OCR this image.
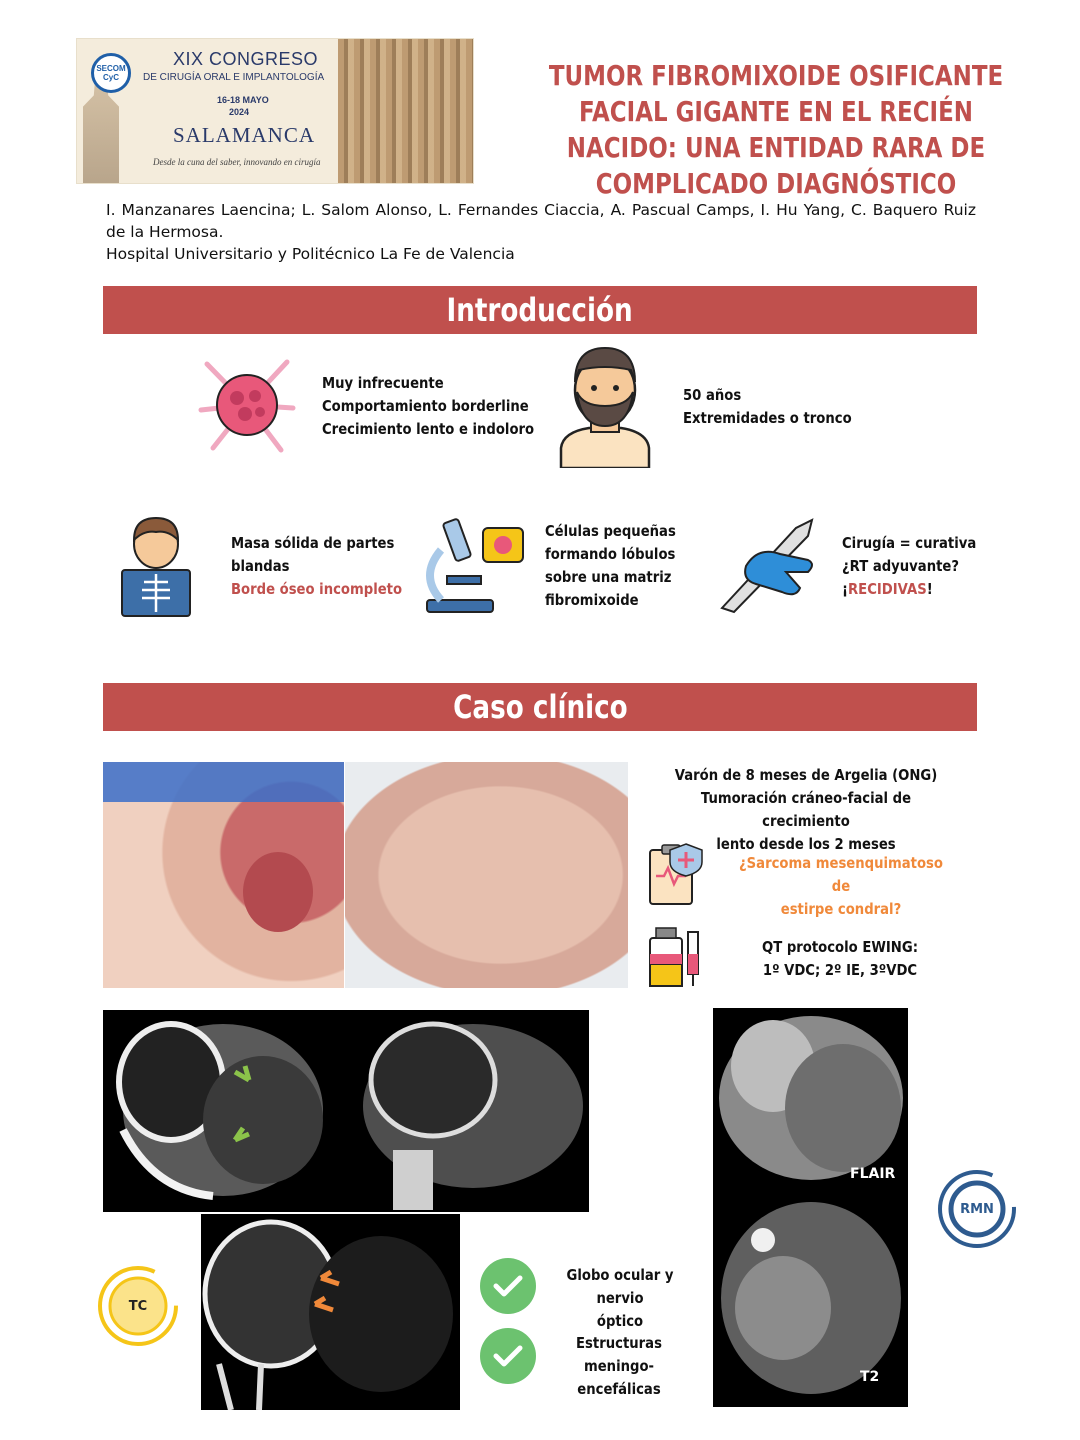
SECOM CyC
XIX CONGRESO
DE CIRUGÍA ORAL E IMPLANTOLOGÍA
16-18 MAYO
2024
SALAMANCA
Desde la cuna del saber, innovando en cirugía
TUMOR FIBROMIXOIDE OSIFICANTE FACIAL GIGANTE EN EL RECIÉN NACIDO: UNA ENTIDAD RARA DE COMPLICADO DIAGNÓSTICO
I. Manzanares Laencina; L. Salom Alonso, L. Fernandes Ciaccia, A. Pascual Camps, I. Hu Yang, C. Baquero Ruiz de la Hermosa.
Hospital Universitario y Politécnico La Fe de Valencia
Introducción
Muy infrecuente
Comportamiento borderline
Crecimiento lento e indoloro
50 años
Extremidades o tronco
Masa sólida de partes
blandas
Borde óseo incompleto
Células pequeñas
formando lóbulos
sobre una matriz
fibromixoide
Cirugía = curativa
¿RT adyuvante?
¡RECIDIVAS!
Caso clínico
Varón de 8 meses de Argelia (ONG)
Tumoración cráneo-facial de crecimiento
lento desde los 2 meses
¿Sarcoma mesenquimatoso de
estirpe condral?
QT protocolo EWING:
1º VDC; 2º IE, 3ºVDC
FLAIR
T2
RMN
TC
Globo ocular y nervio
óptico
Estructuras
meningo-encefálicas
